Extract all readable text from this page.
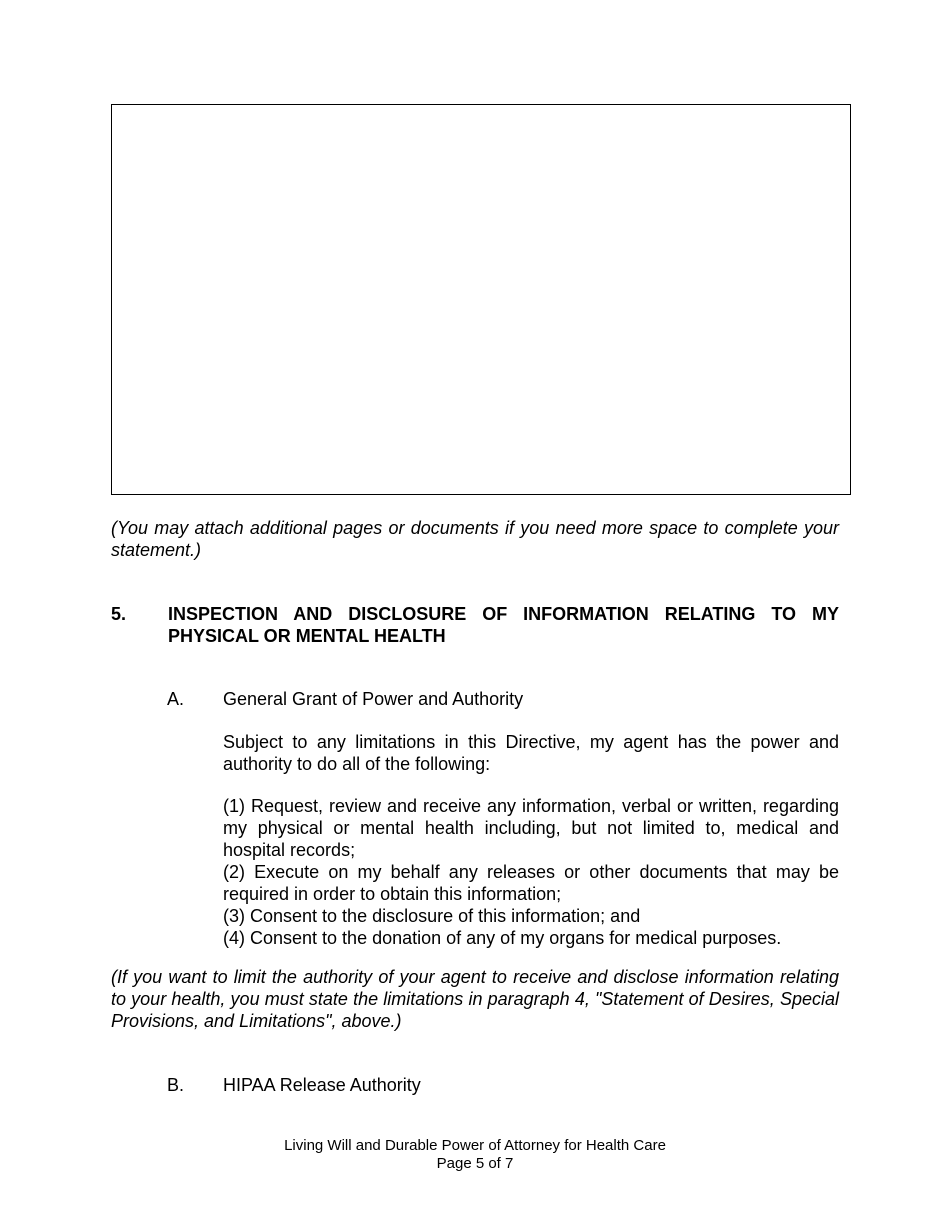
(You may attach additional pages or documents if you need more space to complete your statement.)
5. INSPECTION AND DISCLOSURE OF INFORMATION RELATING TO MY PHYSICAL OR MENTAL HEALTH
A. General Grant of Power and Authority
Subject to any limitations in this Directive, my agent has the power and authority to do all of the following:

(1) Request, review and receive any information, verbal or written, regarding my physical or mental health including, but not limited to, medical and hospital records;

(2) Execute on my behalf any releases or other documents that may be required in order to obtain this information;

(3) Consent to the disclosure of this information; and

(4) Consent to the donation of any of my organs for medical purposes.

(If you want to limit the authority of your agent to receive and disclose information relating to your health, you must state the limitations in paragraph 4, "Statement of Desires, Special Provisions, and Limitations", above.)
B. HIPAA Release Authority
Living Will and Durable Power of Attorney for Health Care
Page 5 of 7
